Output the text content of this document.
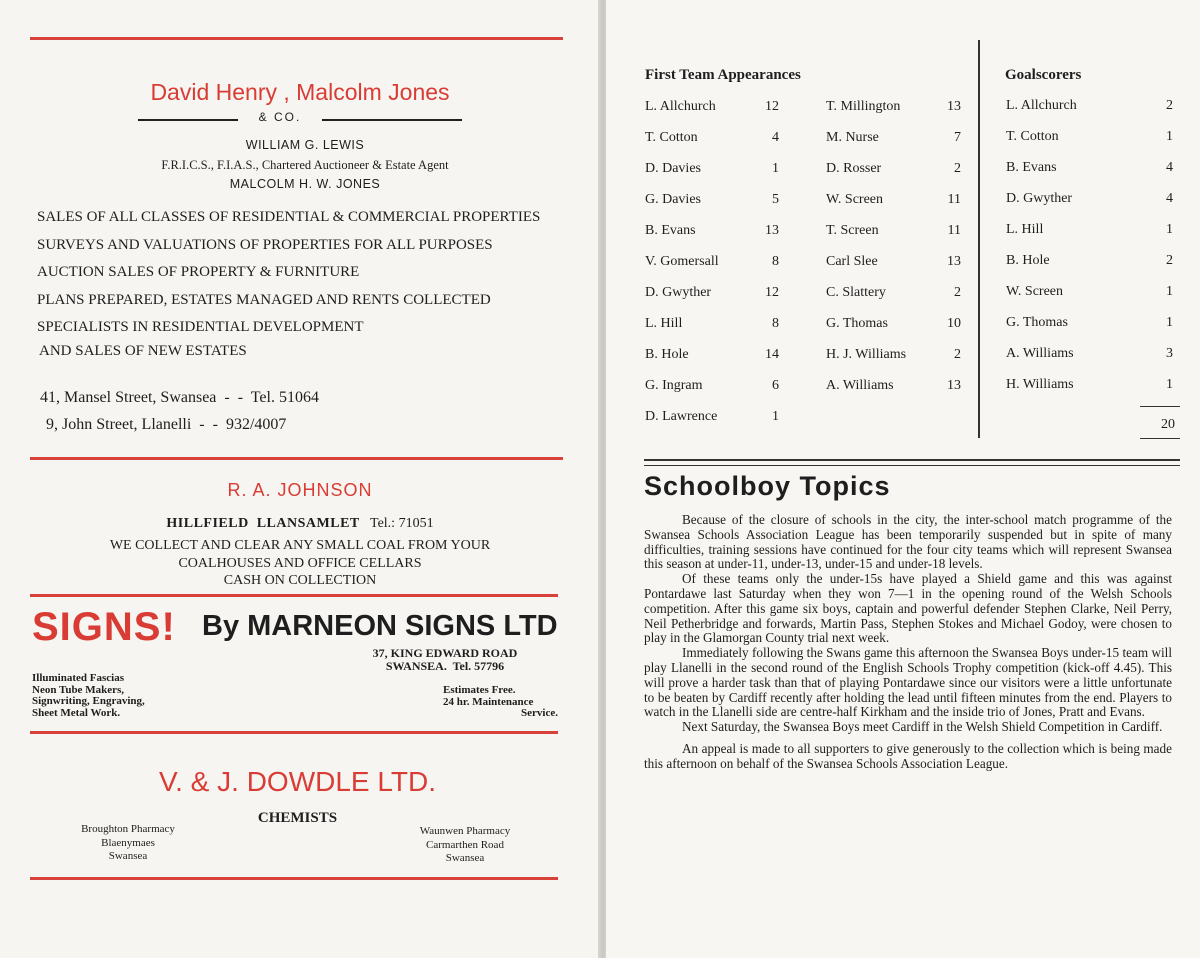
David Henry , Malcolm Jones
& CO.
WILLIAM G. LEWIS
F.R.I.C.S., F.I.A.S., Chartered Auctioneer & Estate Agent
MALCOLM H. W. JONES
SALES OF ALL CLASSES OF RESIDENTIAL & COMMERCIAL PROPERTIES
SURVEYS AND VALUATIONS OF PROPERTIES FOR ALL PURPOSES
AUCTION SALES OF PROPERTY & FURNITURE
PLANS PREPARED, ESTATES MANAGED AND RENTS COLLECTED
SPECIALISTS IN RESIDENTIAL DEVELOPMENT
AND SALES OF NEW ESTATES
41, Mansel Street, Swansea  -  -  Tel. 51064
9, John Street, Llanelli  -  -  932/4007
R. A. JOHNSON
HILLFIELD  LLANSAMLET Tel.: 71051
WE COLLECT AND CLEAR ANY SMALL COAL FROM YOUR
COALHOUSES AND OFFICE CELLARS
CASH ON COLLECTION
SIGNS! By MARNEON SIGNS LTD
37, KING EDWARD ROAD
SWANSEA.  Tel. 57796
Illuminated Fascias
Neon Tube Makers,
Signwriting, Engraving,
Sheet Metal Work.
Estimates Free.
24 hr. Maintenance
Service.
V. & J. DOWDLE LTD.
CHEMISTS
Broughton Pharmacy
Blaenymaes
Swansea
Waunwen Pharmacy
Carmarthen Road
Swansea
First Team Appearances	Goalscorers
L. Allchurch	12
T. Cotton	4
D. Davies	1
G. Davies	5
B. Evans	13
V. Gomersall	8
D. Gwyther	12
L. Hill	8
B. Hole	14
G. Ingram	6
D. Lawrence	1
T. Millington	13
M. Nurse	7
D. Rosser	2
W. Screen	11
T. Screen	11
Carl Slee	13
C. Slattery	2
G. Thomas	10
H. J. Williams	2
A. Williams	13
L. Allchurch	2
T. Cotton	1
B. Evans	4
D. Gwyther	4
L. Hill	1
B. Hole	2
W. Screen	1
G. Thomas	1
A. Williams	3
H. Williams	1
20
Schoolboy Topics

Because of the closure of schools in the city, the inter-school match programme of the Swansea Schools Association League has been temporarily suspended but in spite of many difficulties, training sessions have continued for the four city teams which will represent Swansea this season at under-11, under-13, under-15 and under-18 levels.

Of these teams only the under-15s have played a Shield game and this was against Pontardawe last Saturday when they won 7—1 in the opening round of the Welsh Schools competition. After this game six boys, captain and powerful defender Stephen Clarke, Neil Perry, Neil Petherbridge and forwards, Martin Pass, Stephen Stokes and Michael Godoy, were chosen to play in the Glamorgan County trial next week.

Immediately following the Swans game this afternoon the Swansea Boys under-15 team will play Llanelli in the second round of the English Schools Trophy competition (kick-off 4.45). This will prove a harder task than that of playing Pontardawe since our visitors were a little unfortunate to be beaten by Cardiff recently after holding the lead until fifteen minutes from the end. Players to watch in the Llanelli side are centre-half Kirkham and the inside trio of Jones, Pratt and Evans.

Next Saturday, the Swansea Boys meet Cardiff in the Welsh Shield Competition in Cardiff.

An appeal is made to all supporters to give generously to the collection which is being made this afternoon on behalf of the Swansea Schools Association League.
